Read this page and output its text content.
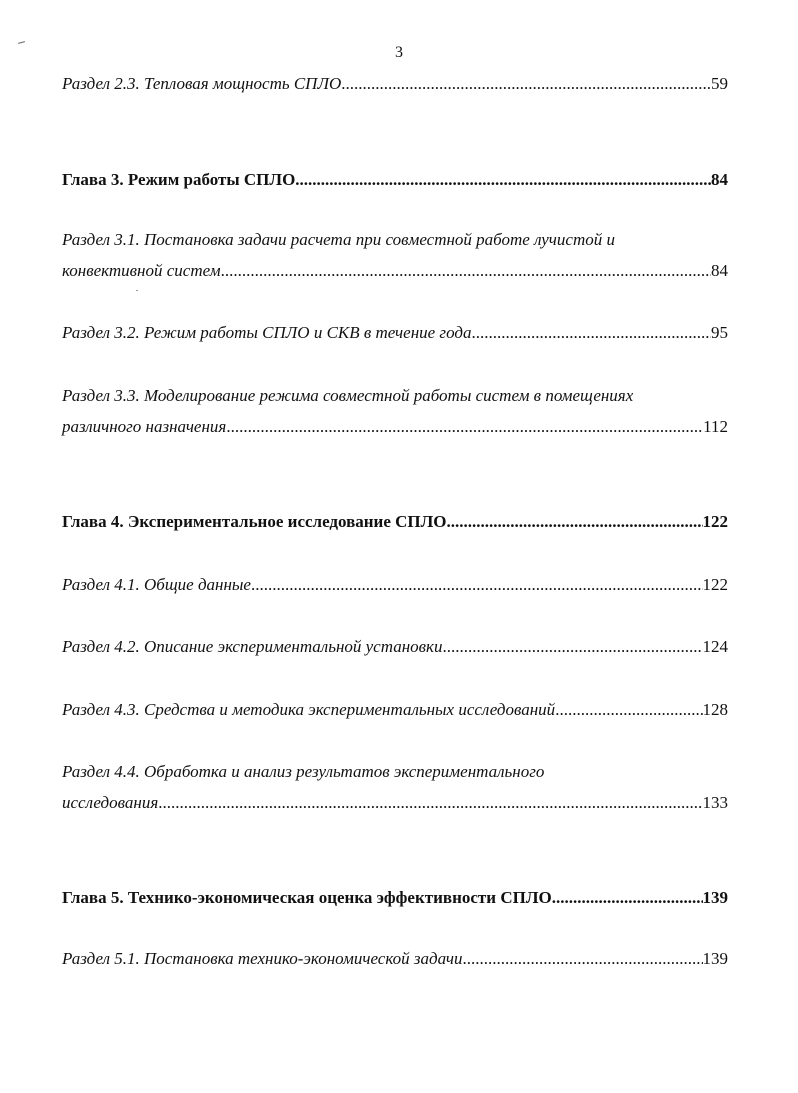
3
Раздел 2.3. Тепловая мощность СПЛО .....	59
Глава 3. Режим работы СПЛО .....	84
Раздел 3.1. Постановка задачи расчета при совместной работе лучистой и
конвективной систем .....	84
Раздел 3.2. Режим работы СПЛО и СКВ в течение года .....	95
Раздел 3.3. Моделирование режима совместной работы систем в помещениях
различного назначения .....	112
Глава 4. Экспериментальное исследование СПЛО .....	122
Раздел 4.1. Общие данные .....	122
Раздел 4.2. Описание экспериментальной установки .....	124
Раздел 4.3. Средства и методика экспериментальных исследований .....	128
Раздел 4.4. Обработка и анализ результатов экспериментального
исследования .....	133
Глава 5. Технико-экономическая оценка эффективности СПЛО .....	139
Раздел 5.1. Постановка технико-экономической задачи .....	139
